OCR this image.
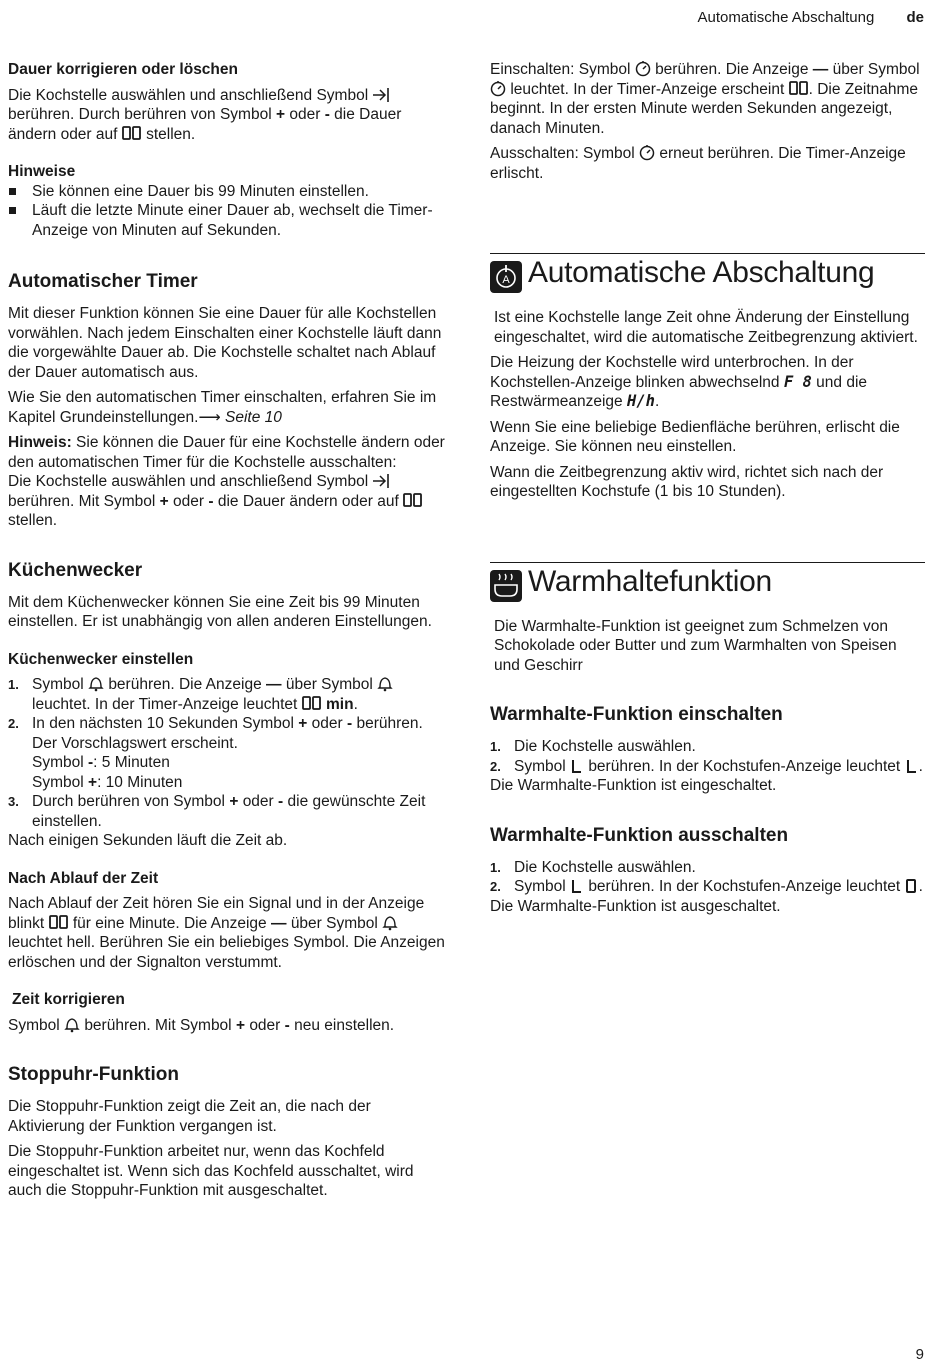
Automatische Abschaltung de
Dauer korrigieren oder löschen

Die Kochstelle auswählen und anschließend Symbol  berühren. Durch berühren von Symbol + oder - die Dauer ändern oder auf stellen.

Hinweise
Sie können eine Dauer bis 99 Minuten einstellen.
Läuft die letzte Minute einer Dauer ab, wechselt die Timer-Anzeige von Minuten auf Sekunden.
Automatischer Timer

Mit dieser Funktion können Sie eine Dauer für alle Kochstellen vorwählen. Nach jedem Einschalten einer Kochstelle läuft dann die vorgewählte Dauer ab. Die Kochstelle schaltet nach Ablauf der Dauer automatisch aus.

Wie Sie den automatischen Timer einschalten, erfahren Sie im Kapitel Grundeinstellungen.⟶ Seite 10

Hinweis: Sie können die Dauer für eine Kochstelle ändern oder den automatischen Timer für die Kochstelle ausschalten:

Die Kochstelle auswählen und anschließend Symbol  berühren. Mit Symbol + oder - die Dauer ändern oder auf  stellen.

Küchenwecker

Mit dem Küchenwecker können Sie eine Zeit bis 99 Minuten einstellen. Er ist unabhängig von allen anderen Einstellungen.

Küchenwecker einstellen
1. Symbol berühren. Die Anzeige — über Symbol  leuchtet. In der Timer-Anzeige leuchtet min.
2. In den nächsten 10 Sekunden Symbol + oder - berühren. Der Vorschlagswert erscheint.
Symbol -: 5 Minuten
Symbol +: 10 Minuten
3. Durch berühren von Symbol + oder - die gewünschte Zeit einstellen.

Nach einigen Sekunden läuft die Zeit ab.

Nach Ablauf der Zeit

Nach Ablauf der Zeit hören Sie ein Signal und in der Anzeige blinkt für eine Minute. Die Anzeige — über Symbol  leuchtet hell. Berühren Sie ein beliebiges Symbol. Die Anzeigen erlöschen und der Signalton verstummt.

Zeit korrigieren

Symbol berühren. Mit Symbol + oder - neu einstellen.

Stoppuhr-Funktion

Die Stoppuhr-Funktion zeigt die Zeit an, die nach der Aktivierung der Funktion vergangen ist.

Die Stoppuhr-Funktion arbeitet nur, wenn das Kochfeld eingeschaltet ist. Wenn sich das Kochfeld ausschaltet, wird auch die Stoppuhr-Funktion mit ausgeschaltet.

Einschalten: Symbol berühren. Die Anzeige — über Symbol  leuchtet. In der Timer-Anzeige erscheint . Die Zeitnahme beginnt. In der ersten Minute werden Sekunden angezeigt, danach Minuten.

Ausschalten: Symbol erneut berühren. Die Timer-Anzeige erlischt.

A Automatische Abschaltung

Ist eine Kochstelle lange Zeit ohne Änderung der Einstellung eingeschaltet, wird die automatische Zeitbegrenzung aktiviert.

Die Heizung der Kochstelle wird unterbrochen. In der Kochstellen-Anzeige blinken abwechselnd F 8 und die Restwärmeanzeige H/h.

Wenn Sie eine beliebige Bedienfläche berühren, erlischt die Anzeige. Sie können neu einstellen.

Wann die Zeitbegrenzung aktiv wird, richtet sich nach der eingestellten Kochstufe (1 bis 10 Stunden).

Warmhaltefunktion

Die Warmhalte-Funktion ist geeignet zum Schmelzen von Schokolade oder Butter und zum Warmhalten von Speisen und Geschirr

Warmhalte-Funktion einschalten
1. Die Kochstelle auswählen.
2. Symbol berühren. In der Kochstufen-Anzeige leuchtet .

Die Warmhalte-Funktion ist eingeschaltet.

Warmhalte-Funktion ausschalten
1. Die Kochstelle auswählen.
2. Symbol berühren. In der Kochstufen-Anzeige leuchtet .

Die Warmhalte-Funktion ist ausgeschaltet.

9
